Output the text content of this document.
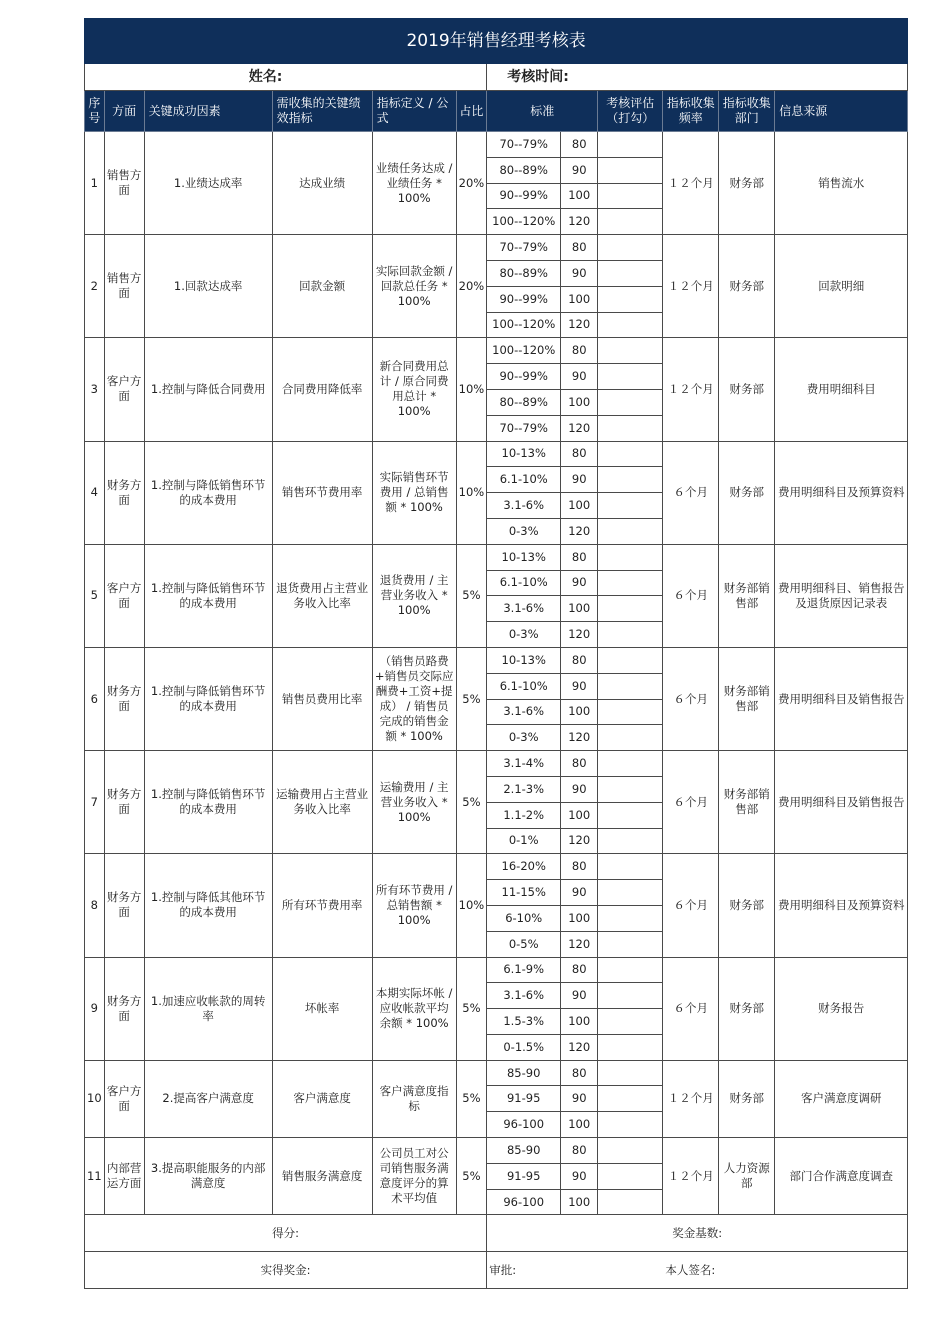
2019年销售经理考核表											
姓名:						考核时间:					
序号	方面	关键成功因素	需收集的关键绩效指标	指标定义 / 公式	占比	标准		考核评估（打勾）	指标收集频率	指标收集部门	信息来源
1	销售方面	1.业绩达成率	达成业绩	业绩任务达成 / 业绩任务 * 100%	20%	70--79%	80		１２个月	财务部	销售流水
						80--89%	90				
						90--99%	100				
						100--120%	120				
2	销售方面	1.回款达成率	回款金额	实际回款金额 / 回款总任务 * 100%	20%	70--79%	80		１２个月	财务部	回款明细
						80--89%	90				
						90--99%	100				
						100--120%	120				
3	客户方面	1.控制与降低合同费用	合同费用降低率	新合同费用总计 / 原合同费用总计 * 100%	10%	100--120%	80		１２个月	财务部	费用明细科目
						90--99%	90				
						80--89%	100				
						70--79%	120				
4	财务方面	1.控制与降低销售环节的成本费用	销售环节费用率	实际销售环节费用 / 总销售额 * 100%	10%	10-13%	80		６个月	财务部	费用明细科目及预算资料
						6.1-10%	90				
						3.1-6%	100				
						0-3%	120				
5	客户方面	1.控制与降低销售环节的成本费用	退货费用占主营业务收入比率	退货费用 / 主营业务收入 * 100%	5%	10-13%	80		６个月	财务部销售部	费用明细科目、销售报告及退货原因记录表
						6.1-10%	90				
						3.1-6%	100				
						0-3%	120				
6	财务方面	1.控制与降低销售环节的成本费用	销售员费用比率	（销售员路费+销售员交际应酬费+工资+提成） / 销售员完成的销售金额 * 100%	5%	10-13%	80		６个月	财务部销售部	费用明细科目及销售报告
						6.1-10%	90				
						3.1-6%	100				
						0-3%	120				
7	财务方面	1.控制与降低销售环节的成本费用	运输费用占主营业务收入比率	运输费用 / 主营业务收入 * 100%	5%	3.1-4%	80		６个月	财务部销售部	费用明细科目及销售报告
						2.1-3%	90				
						1.1-2%	100				
						0-1%	120				
8	财务方面	1.控制与降低其他环节的成本费用	所有环节费用率	所有环节费用 / 总销售额 * 100%	10%	16-20%	80		６个月	财务部	费用明细科目及预算资料
						11-15%	90				
						6-10%	100				
						0-5%	120				
9	财务方面	1.加速应收帐款的周转率	坏帐率	本期实际坏帐 / 应收帐款平均余额 * 100%	5%	6.1-9%	80		６个月	财务部	财务报告
						3.1-6%	90				
						1.5-3%	100				
						0-1.5%	120				
10	客户方面	2.提高客户满意度	客户满意度	客户满意度指标	5%	85-90	80		１２个月	财务部	客户满意度调研
						91-95	90				
						96-100	100				
11	内部营运方面	3.提高职能服务的内部满意度	销售服务满意度	公司员工对公司销售服务满意度评分的算术平均值	5%	85-90	80		１２个月	人力资源部	部门合作满意度调查
						91-95	90				
						96-100	100				
得分:						奖金基数:					
实得奖金:						审批: 本人签名:					
